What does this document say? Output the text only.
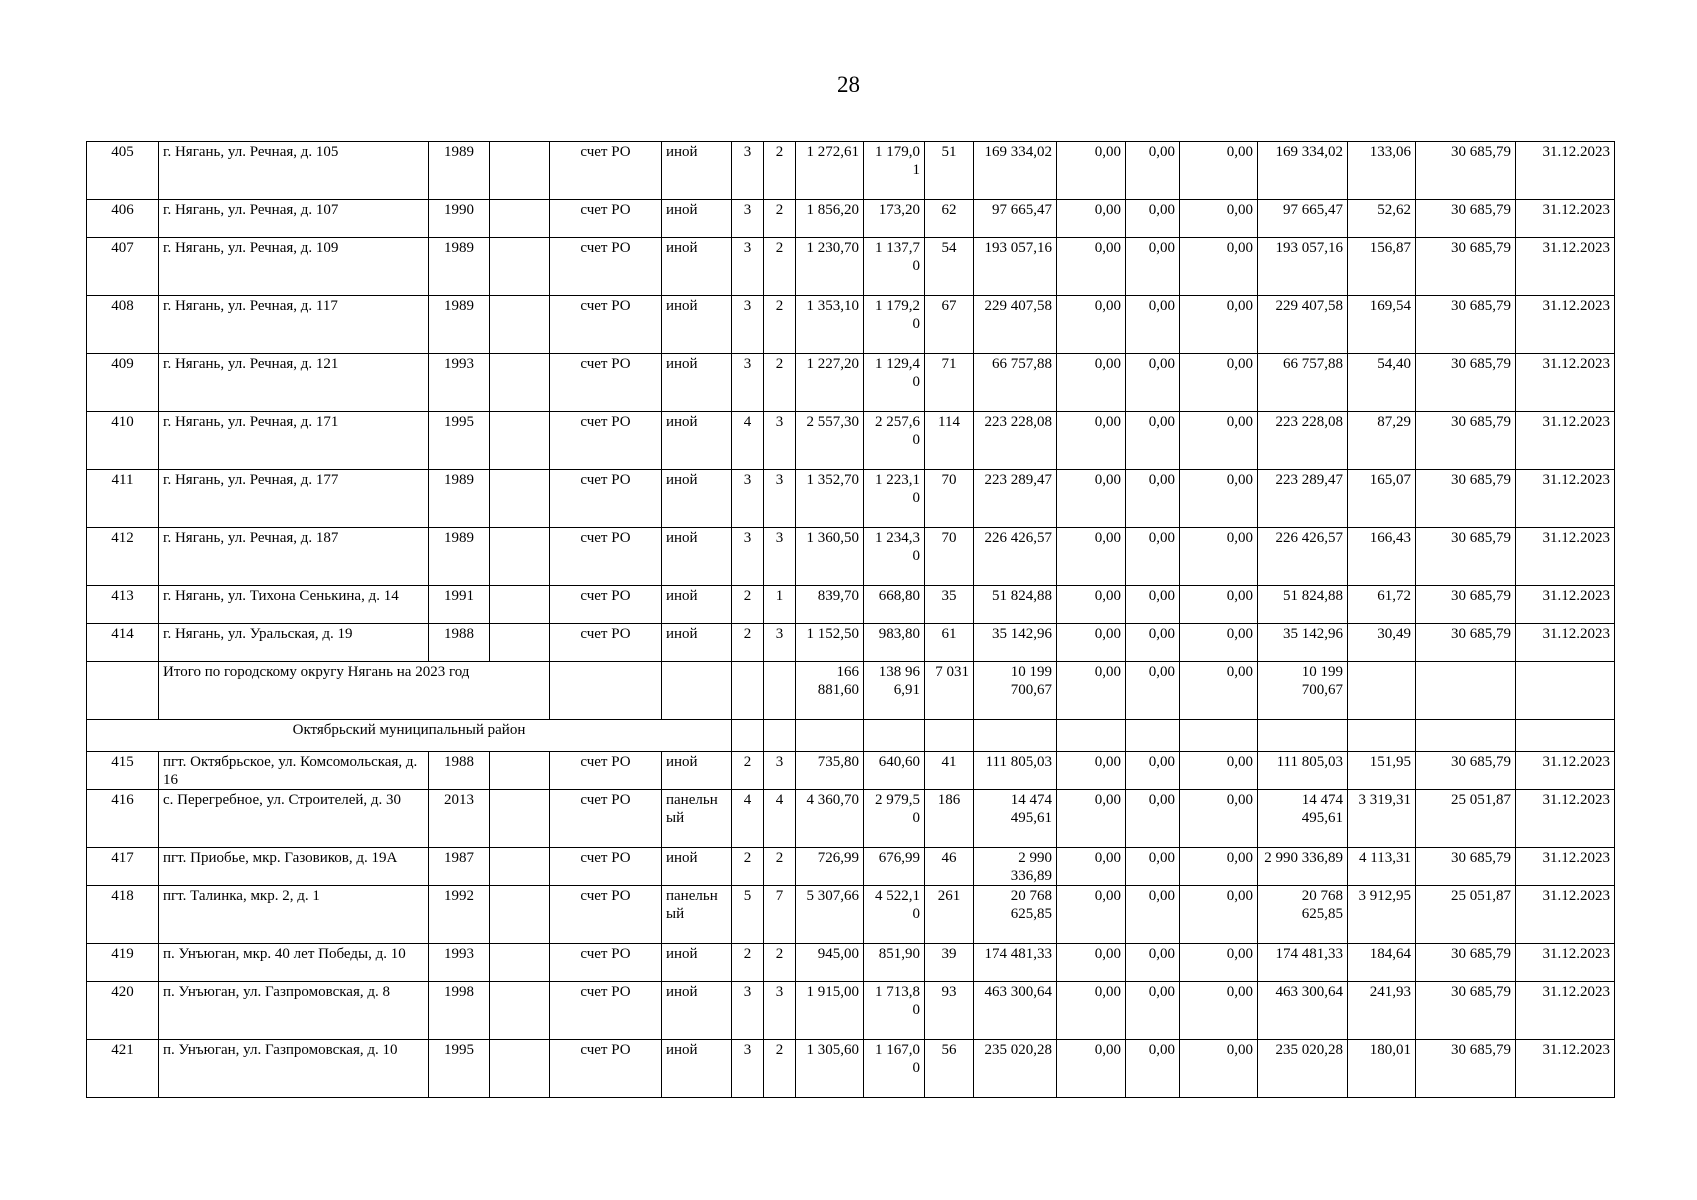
28
405	г. Нягань, ул. Речная, д. 105	1989		счет РО	иной	3	2	1 272,61	1 179,01	51	169 334,02	0,00	0,00	0,00	169 334,02	133,06	30 685,79	31.12.2023
406	г. Нягань, ул. Речная, д. 107	1990		счет РО	иной	3	2	1 856,20	173,20	62	97 665,47	0,00	0,00	0,00	97 665,47	52,62	30 685,79	31.12.2023
407	г. Нягань, ул. Речная, д. 109	1989		счет РО	иной	3	2	1 230,70	1 137,70	54	193 057,16	0,00	0,00	0,00	193 057,16	156,87	30 685,79	31.12.2023
408	г. Нягань, ул. Речная, д. 117	1989		счет РО	иной	3	2	1 353,10	1 179,20	67	229 407,58	0,00	0,00	0,00	229 407,58	169,54	30 685,79	31.12.2023
409	г. Нягань, ул. Речная, д. 121	1993		счет РО	иной	3	2	1 227,20	1 129,40	71	66 757,88	0,00	0,00	0,00	66 757,88	54,40	30 685,79	31.12.2023
410	г. Нягань, ул. Речная, д. 171	1995		счет РО	иной	4	3	2 557,30	2 257,60	114	223 228,08	0,00	0,00	0,00	223 228,08	87,29	30 685,79	31.12.2023
411	г. Нягань, ул. Речная, д. 177	1989		счет РО	иной	3	3	1 352,70	1 223,10	70	223 289,47	0,00	0,00	0,00	223 289,47	165,07	30 685,79	31.12.2023
412	г. Нягань, ул. Речная, д. 187	1989		счет РО	иной	3	3	1 360,50	1 234,30	70	226 426,57	0,00	0,00	0,00	226 426,57	166,43	30 685,79	31.12.2023
413	г. Нягань, ул. Тихона Сенькина, д. 14	1991		счет РО	иной	2	1	839,70	668,80	35	51 824,88	0,00	0,00	0,00	51 824,88	61,72	30 685,79	31.12.2023
414	г. Нягань, ул. Уральская, д. 19	1988		счет РО	иной	2	3	1 152,50	983,80	61	35 142,96	0,00	0,00	0,00	35 142,96	30,49	30 685,79	31.12.2023
	Итого по городскому округу Нягань на 2023 год							166 881,60	138 966,91	7 031	10 199 700,67	0,00	0,00	0,00	10 199 700,67			
Октябрьский муниципальный район																		
415	пгт. Октябрьское, ул. Комсомольская, д. 16	1988		счет РО	иной	2	3	735,80	640,60	41	111 805,03	0,00	0,00	0,00	111 805,03	151,95	30 685,79	31.12.2023
416	с. Перегребное, ул. Строителей, д. 30	2013		счет РО	панельный	4	4	4 360,70	2 979,50	186	14 474 495,61	0,00	0,00	0,00	14 474 495,61	3 319,31	25 051,87	31.12.2023
417	пгт. Приобье, мкр. Газовиков, д. 19А	1987		счет РО	иной	2	2	726,99	676,99	46	2 990 336,89	0,00	0,00	0,00	2 990 336,89	4 113,31	30 685,79	31.12.2023
418	пгт. Талинка, мкр. 2, д. 1	1992		счет РО	панельный	5	7	5 307,66	4 522,10	261	20 768 625,85	0,00	0,00	0,00	20 768 625,85	3 912,95	25 051,87	31.12.2023
419	п. Унъюган, мкр. 40 лет Победы, д. 10	1993		счет РО	иной	2	2	945,00	851,90	39	174 481,33	0,00	0,00	0,00	174 481,33	184,64	30 685,79	31.12.2023
420	п. Унъюган, ул. Газпромовская, д. 8	1998		счет РО	иной	3	3	1 915,00	1 713,80	93	463 300,64	0,00	0,00	0,00	463 300,64	241,93	30 685,79	31.12.2023
421	п. Унъюган, ул. Газпромовская, д. 10	1995		счет РО	иной	3	2	1 305,60	1 167,00	56	235 020,28	0,00	0,00	0,00	235 020,28	180,01	30 685,79	31.12.2023
